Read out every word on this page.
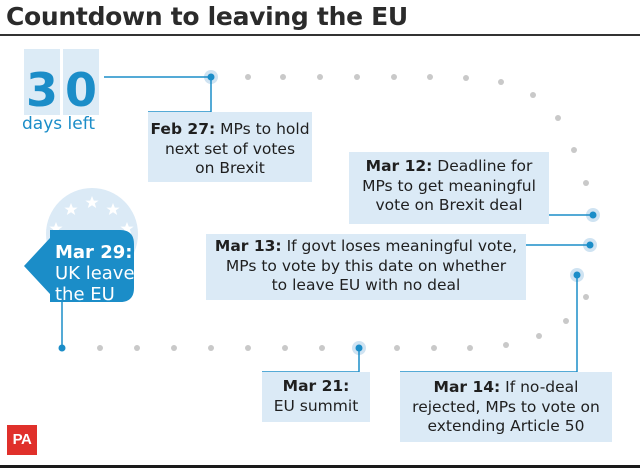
Countdown to leaving the EU
3 0
days left
Mar 29:
UK leaves
the EU
Feb 27: MPs to hold
next set of votes
on Brexit	Mar 12: Deadline for
MPs to get meaningful
vote on Brexit deal
Mar 13: If govt loses meaningful vote,
MPs to vote by this date on whether
to leave EU with no deal
Mar 21:
EU summit
Mar 14: If no-deal
rejected, MPs to vote on
extending Article 50
PA
